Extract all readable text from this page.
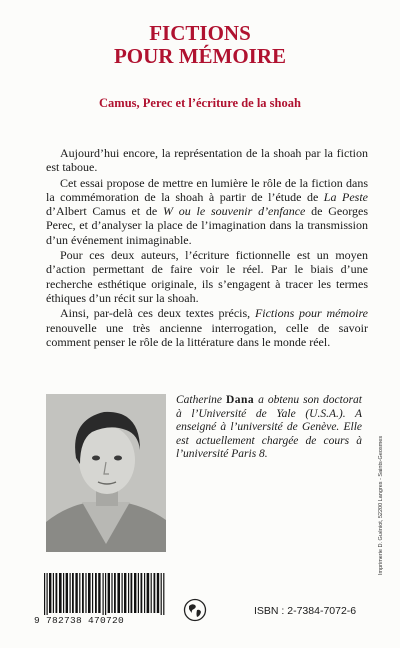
FICTIONS
POUR MÉMOIRE
Camus, Perec et l’écriture de la shoah

Aujourd’hui encore, la représentation de la shoah par la fiction est taboue.

Cet essai propose de mettre en lumière le rôle de la fiction dans la commémoration de la shoah à partir de l’étude de La Peste d’Albert Camus et de W ou le souvenir d’enfance de Georges Perec, et d’analyser la place de l’imagination dans la transmission d’un événement inimaginable.

Pour ces deux auteurs, l’écriture fictionnelle est un moyen d’action permettant de faire voir le réel. Par le biais d’une recherche esthétique originale, ils s’engagent à tracer les termes éthiques d’un récit sur la shoah.

Ainsi, par-delà ces deux textes précis, Fictions pour mémoire renouvelle une très ancienne interrogation, celle de savoir comment penser le rôle de la littérature dans le monde réel.

Catherine Dana a obtenu son doctorat à l’Université de Yale (U.S.A.). A enseigné à l’université de Genève. Elle est actuellement chargée de cours à l’université Paris 8.	Imprimerie D. Guéniot, 52200 Langres - Saints-Geosmes
9 782738 470720
ISBN : 2-7384-7072-6
